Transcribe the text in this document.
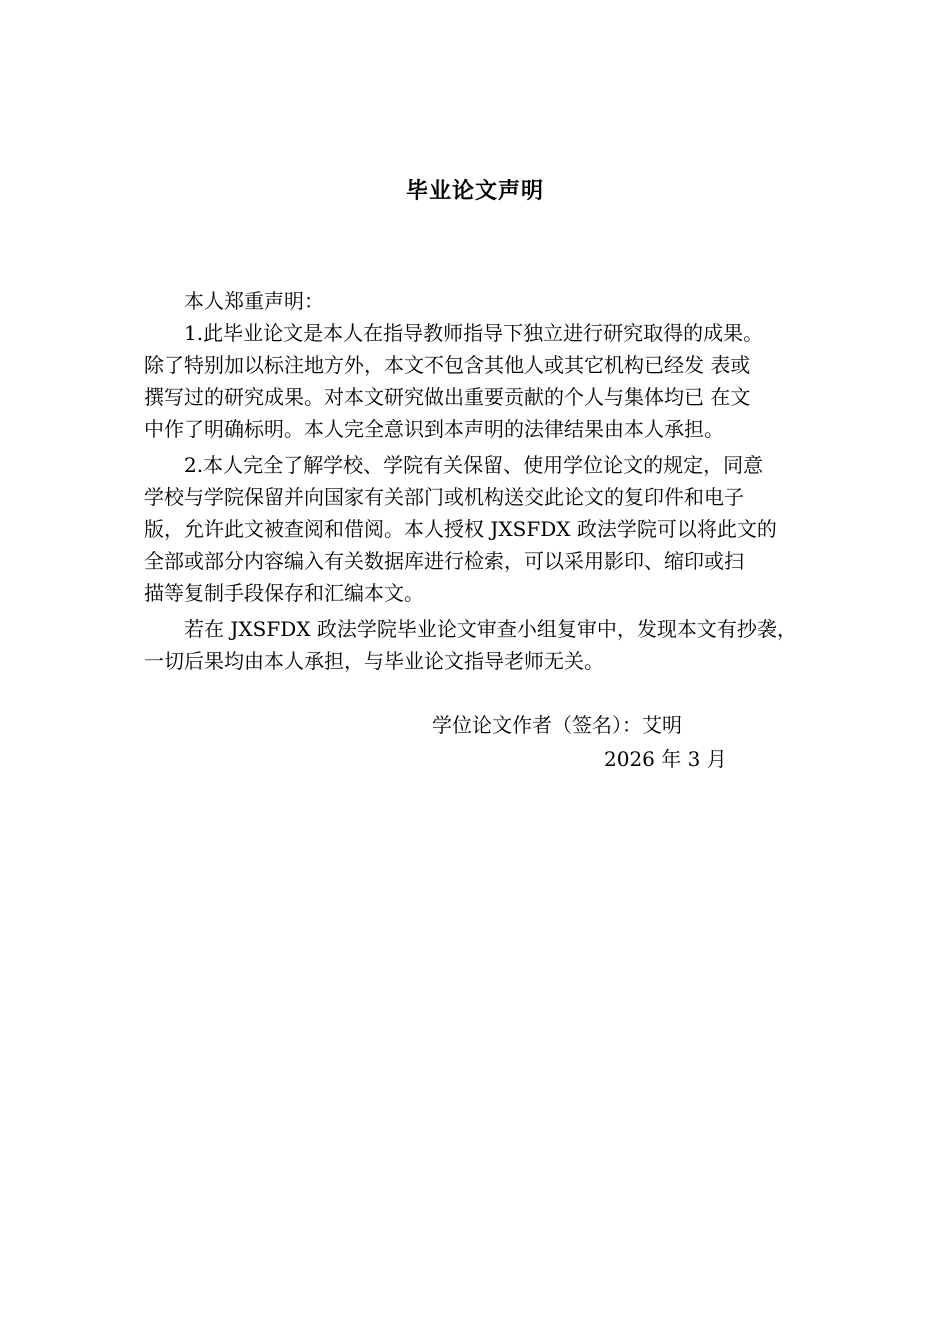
毕业论文声明

本人郑重声明：

1.此毕业论文是本人在指导教师指导下独立进行研究取得的成果。

除了特别加以标注地方外，本文不包含其他人或其它机构已经发 表或

撰写过的研究成果。对本文研究做出重要贡献的个人与集体均已 在文

中作了明确标明。本人完全意识到本声明的法律结果由本人承担。

2.本人完全了解学校、学院有关保留、使用学位论文的规定，同意

学校与学院保留并向国家有关部门或机构送交此论文的复印件和电子

版，允许此文被查阅和借阅。本人授权 JXSFDX 政法学院可以将此文的

全部或部分内容编入有关数据库进行检索，可以采用影印、缩印或扫

描等复制手段保存和汇编本文。

若在 JXSFDX 政法学院毕业论文审查小组复审中，发现本文有抄袭，

一切后果均由本人承担，与毕业论文指导老师无关。

学位论文作者（签名）：艾明

2026 年 3 月
